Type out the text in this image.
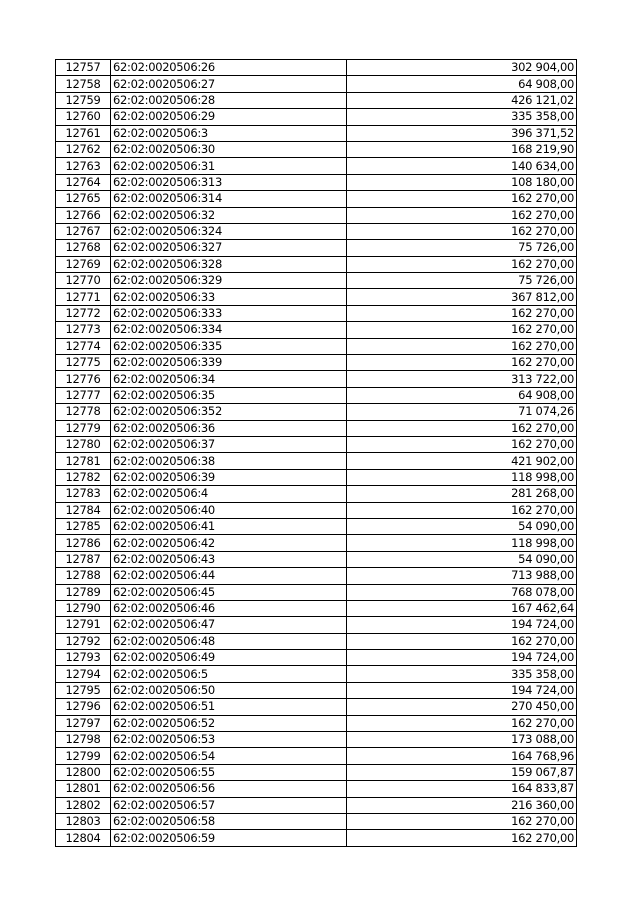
12757	62:02:0020506:26	302 904,00
12758	62:02:0020506:27	64 908,00
12759	62:02:0020506:28	426 121,02
12760	62:02:0020506:29	335 358,00
12761	62:02:0020506:3	396 371,52
12762	62:02:0020506:30	168 219,90
12763	62:02:0020506:31	140 634,00
12764	62:02:0020506:313	108 180,00
12765	62:02:0020506:314	162 270,00
12766	62:02:0020506:32	162 270,00
12767	62:02:0020506:324	162 270,00
12768	62:02:0020506:327	75 726,00
12769	62:02:0020506:328	162 270,00
12770	62:02:0020506:329	75 726,00
12771	62:02:0020506:33	367 812,00
12772	62:02:0020506:333	162 270,00
12773	62:02:0020506:334	162 270,00
12774	62:02:0020506:335	162 270,00
12775	62:02:0020506:339	162 270,00
12776	62:02:0020506:34	313 722,00
12777	62:02:0020506:35	64 908,00
12778	62:02:0020506:352	71 074,26
12779	62:02:0020506:36	162 270,00
12780	62:02:0020506:37	162 270,00
12781	62:02:0020506:38	421 902,00
12782	62:02:0020506:39	118 998,00
12783	62:02:0020506:4	281 268,00
12784	62:02:0020506:40	162 270,00
12785	62:02:0020506:41	54 090,00
12786	62:02:0020506:42	118 998,00
12787	62:02:0020506:43	54 090,00
12788	62:02:0020506:44	713 988,00
12789	62:02:0020506:45	768 078,00
12790	62:02:0020506:46	167 462,64
12791	62:02:0020506:47	194 724,00
12792	62:02:0020506:48	162 270,00
12793	62:02:0020506:49	194 724,00
12794	62:02:0020506:5	335 358,00
12795	62:02:0020506:50	194 724,00
12796	62:02:0020506:51	270 450,00
12797	62:02:0020506:52	162 270,00
12798	62:02:0020506:53	173 088,00
12799	62:02:0020506:54	164 768,96
12800	62:02:0020506:55	159 067,87
12801	62:02:0020506:56	164 833,87
12802	62:02:0020506:57	216 360,00
12803	62:02:0020506:58	162 270,00
12804	62:02:0020506:59	162 270,00
